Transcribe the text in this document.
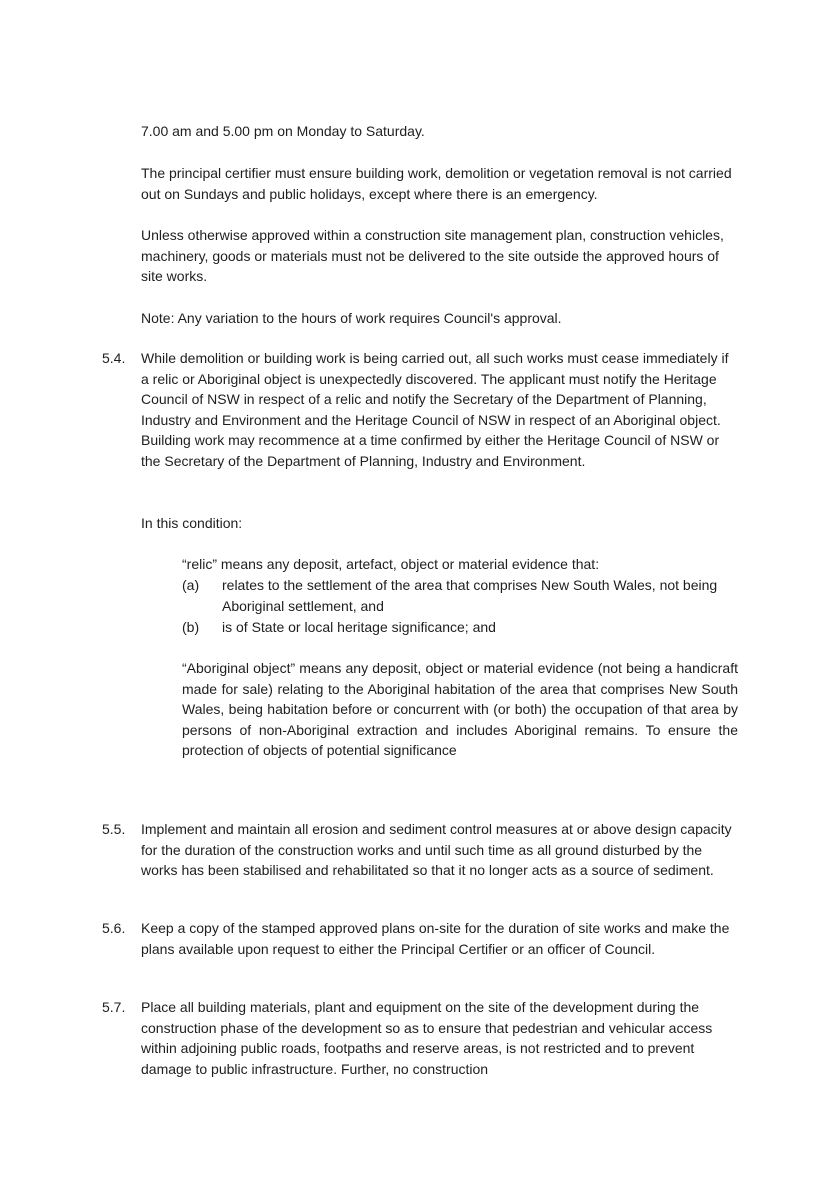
7.00 am and 5.00 pm on Monday to Saturday.

The principal certifier must ensure building work, demolition or vegetation removal is not carried out on Sundays and public holidays, except where there is an emergency.

Unless otherwise approved within a construction site management plan, construction vehicles, machinery, goods or materials must not be delivered to the site outside the approved hours of site works.

Note: Any variation to the hours of work requires Council's approval.

5.4. While demolition or building work is being carried out, all such works must cease immediately if a relic or Aboriginal object is unexpectedly discovered. The applicant must notify the Heritage Council of NSW in respect of a relic and notify the Secretary of the Department of Planning, Industry and Environment and the Heritage Council of NSW in respect of an Aboriginal object. Building work may recommence at a time confirmed by either the Heritage Council of NSW or the Secretary of the Department of Planning, Industry and Environment.

In this condition:

“relic” means any deposit, artefact, object or material evidence that:

(a) relates to the settlement of the area that comprises New South Wales, not being Aboriginal settlement, and

(b) is of State or local heritage significance; and

“Aboriginal object” means any deposit, object or material evidence (not being a handicraft made for sale) relating to the Aboriginal habitation of the area that comprises New South Wales, being habitation before or concurrent with (or both) the occupation of that area by persons of non-Aboriginal extraction and includes Aboriginal remains. To ensure the protection of objects of potential significance

5.5. Implement and maintain all erosion and sediment control measures at or above design capacity for the duration of the construction works and until such time as all ground disturbed by the works has been stabilised and rehabilitated so that it no longer acts as a source of sediment.

5.6. Keep a copy of the stamped approved plans on-site for the duration of site works and make the plans available upon request to either the Principal Certifier or an officer of Council.

5.7. Place all building materials, plant and equipment on the site of the development during the construction phase of the development so as to ensure that pedestrian and vehicular access within adjoining public roads, footpaths and reserve areas, is not restricted and to prevent damage to public infrastructure. Further, no construction
